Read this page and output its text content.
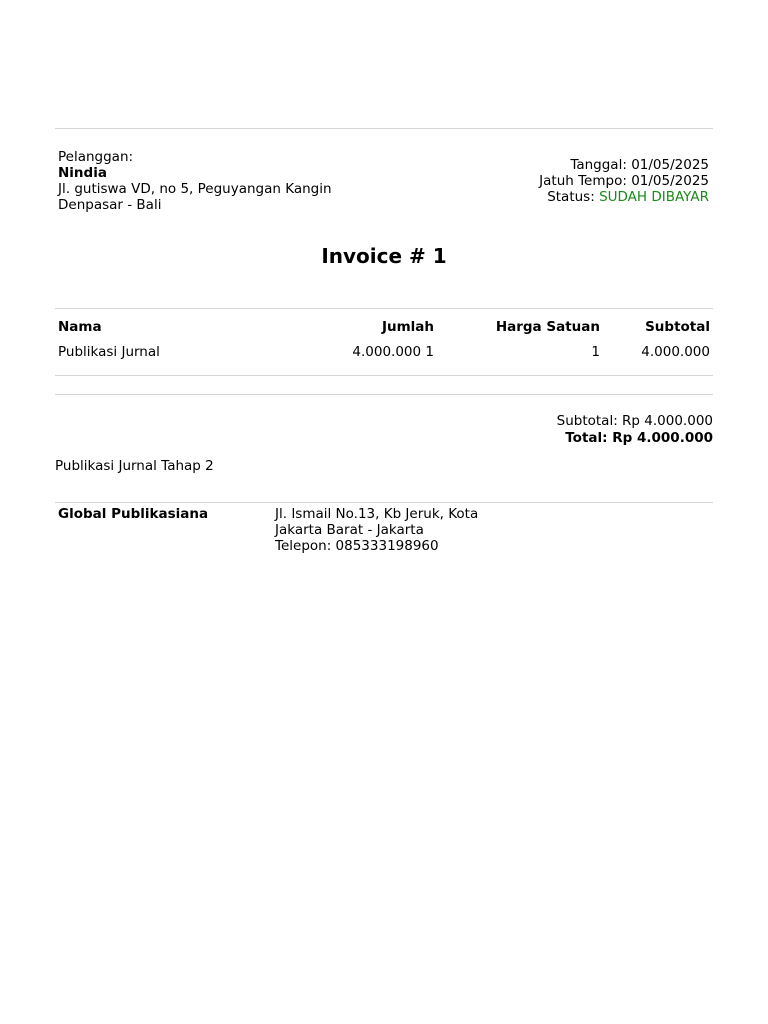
Pelanggan:
Nindia
Jl. gutiswa VD, no 5, Peguyangan Kangin
Denpasar - Bali
Tanggal: 01/05/2025
Jatuh Tempo: 01/05/2025
Status: SUDAH DIBAYAR
Invoice # 1
Nama	Jumlah	Harga Satuan	Subtotal
Publikasi Jurnal	4.000.000 1	1	4.000.000
Subtotal: Rp 4.000.000
Total: Rp 4.000.000
Publikasi Jurnal Tahap 2
Global Publikasiana	Jl. Ismail No.13, Kb Jeruk, Kota
Jakarta Barat - Jakarta
Telepon: 085333198960
